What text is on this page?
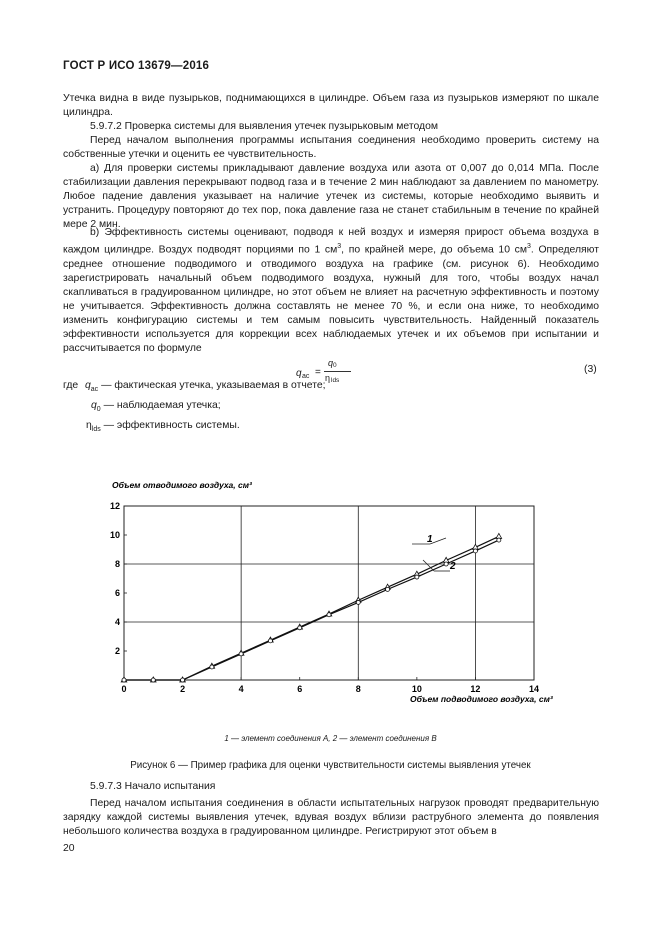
ГОСТ Р ИСО 13679—2016
Утечка видна в виде пузырьков, поднимающихся в цилиндре. Объем газа из пузырьков измеряют по шкале цилиндра.
5.9.7.2 Проверка системы для выявления утечек пузырьковым методом
Перед началом выполнения программы испытания соединения необходимо проверить систему на собственные утечки и оценить ее чувствительность.
а) Для проверки системы прикладывают давление воздуха или азота от 0,007 до 0,014 МПа. После стабилизации давления перекрывают подвод газа и в течение 2 мин наблюдают за давлением по манометру. Любое падение давления указывает на наличие утечек из системы, которые необходимо выявить и устранить. Процедуру повторяют до тех пор, пока давление газа не станет стабильным в течение по крайней мере 2 мин.
b) Эффективность системы оценивают, подводя к ней воздух и измеряя прирост объема воздуха в каждом цилиндре. Воздух подводят порциями по 1 $см^3$, по крайней мере, до объема 10 $см^3$. Определяют среднее отношение подводимого и отводимого воздуха на графике (см. рисунок 6). Необходимо зарегистрировать начальный объем подводимого воздуха, нужный для того, чтобы воздух начал скапливаться в градуированном цилиндре, но этот объем не влияет на расчетную эффективность и поэтому не учитывается. Эффективность должна составлять не менее 70 %, и если она ниже, то необходимо изменить конфигурацию системы и тем самым повысить чувствительность. Найденный показатель эффективности используется для коррекции всех наблюдаемых утечек и их объемов при испытании и рассчитывается по формуле
q ac =
q 0
η lds
(3)
где $q_{ac}$ — фактическая утечка, указываемая в отчете;
$q_0$ — наблюдаемая утечка;
$\eta_{lds}$ — эффективность системы.
0	2	4	6	8	10	12	14
2
4
6
8
10
12
Объем отводимого воздуха, см³
Объем подводимого воздуха, см³
1
2
1 — элемент соединения А, 2 — элемент соединения В
Рисунок 6 — Пример графика для оценки чувствительности системы выявления утечек
5.9.7.3 Начало испытания
Перед началом испытания соединения в области испытательных нагрузок проводят предварительную зарядку каждой системы выявления утечек, вдувая воздух вблизи раструбного элемента до появления небольшого количества воздуха в градуированном цилиндре. Регистрируют этот объем в
20
